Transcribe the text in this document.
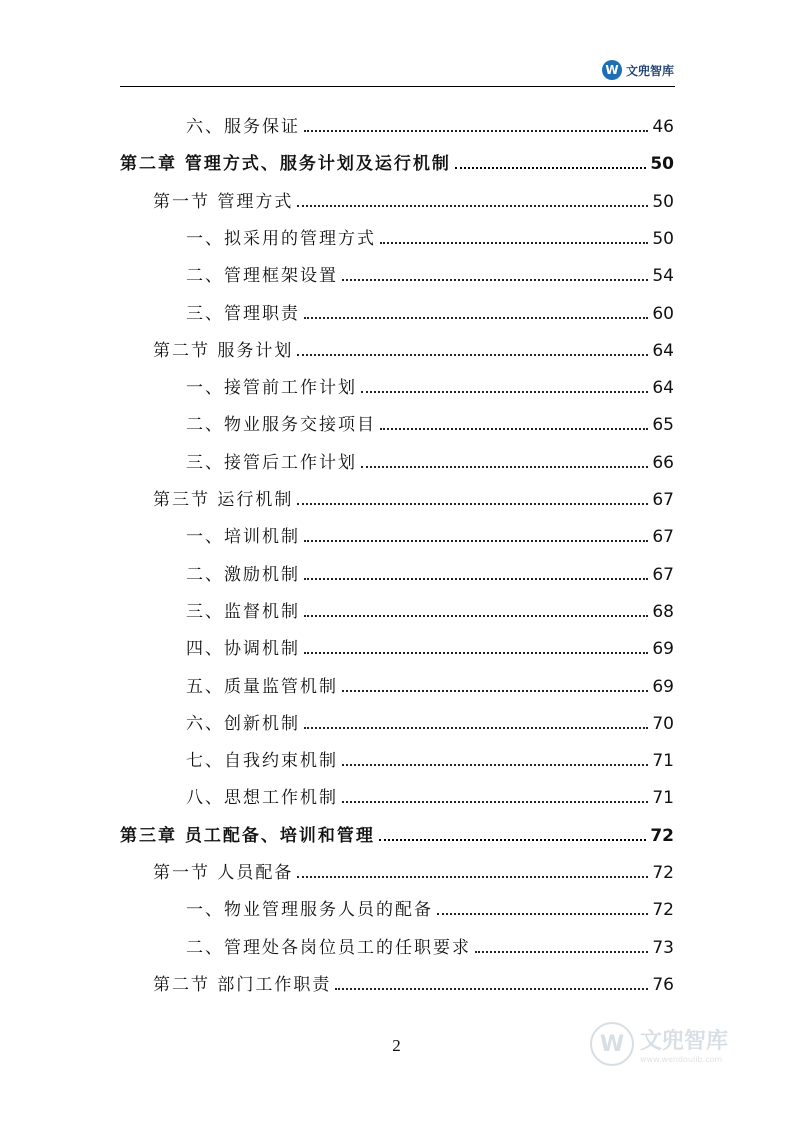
W 文兜智库
六、服务保证	46
第二章 管理方式、服务计划及运行机制	50
第一节 管理方式	50
一、拟采用的管理方式	50
二、管理框架设置	54
三、管理职责	60
第二节 服务计划	64
一、接管前工作计划	64
二、物业服务交接项目	65
三、接管后工作计划	66
第三节 运行机制	67
一、培训机制	67
二、激励机制	67
三、监督机制	68
四、协调机制	69
五、质量监管机制	69
六、创新机制	70
七、自我约束机制	71
八、思想工作机制	71
第三章 员工配备、培训和管理	72
第一节 人员配备	72
一、物业管理服务人员的配备	72
二、管理处各岗位员工的任职要求	73
第二节 部门工作职责	76
2	W 文兜智库
www.wendoulib.com
